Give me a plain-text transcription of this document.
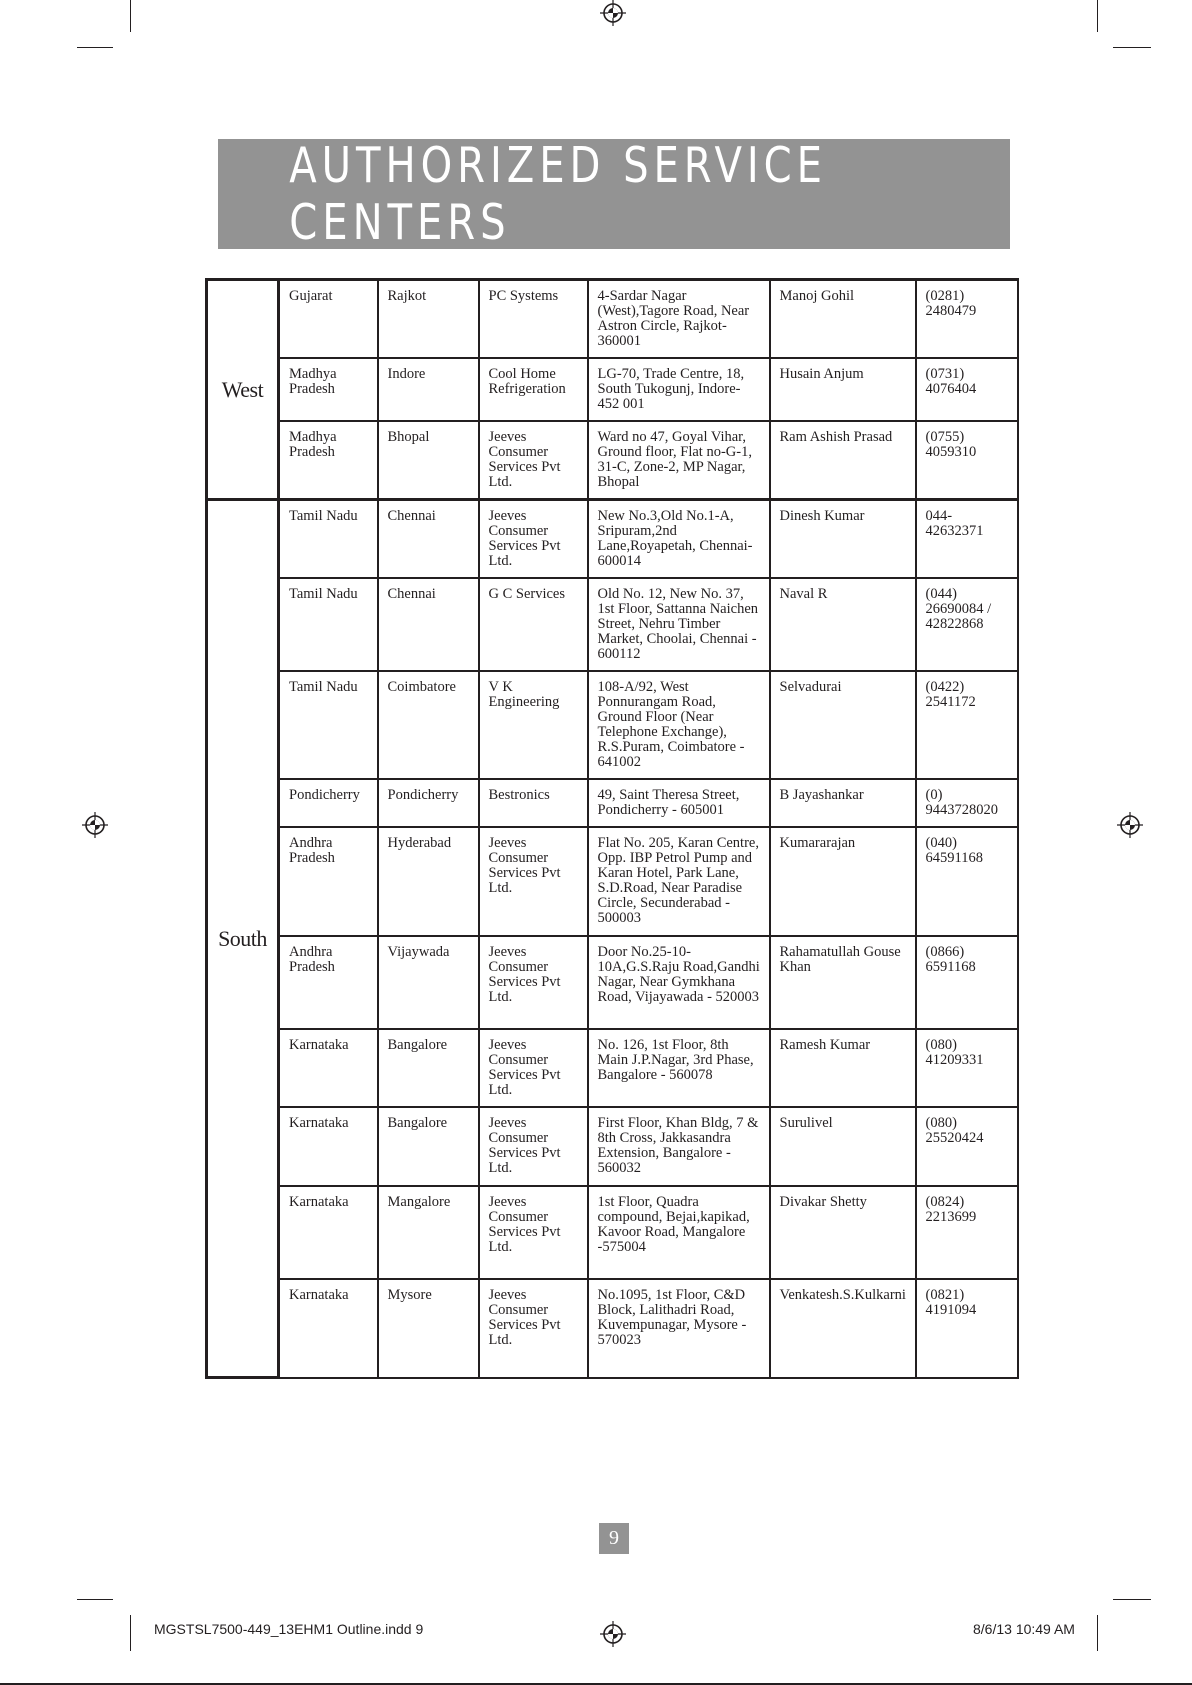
AUTHORIZED SERVICE CENTERS
West	Gujarat	Rajkot	PC Systems	4-Sardar Nagar (West),Tagore Road, Near Astron Circle, Rajkot-360001	Manoj Gohil	(0281) 2480479
	Madhya Pradesh	Indore	Cool Home Refrigeration	LG-70, Trade Centre, 18, South Tukogunj, Indore-452 001	Husain Anjum	(0731) 4076404
	Madhya Pradesh	Bhopal	Jeeves Consumer Services Pvt Ltd.	Ward no 47, Goyal Vihar, Ground floor, Flat no-G-1, 31-C, Zone-2, MP Nagar, Bhopal	Ram Ashish Prasad	(0755) 4059310
South	Tamil Nadu	Chennai	Jeeves Consumer Services Pvt Ltd.	New No.3,Old No.1-A, Sripuram,2nd Lane,Royapetah, Chennai-600014	Dinesh Kumar	044-42632371
	Tamil Nadu	Chennai	G C Services	Old No. 12, New No. 37, 1st Floor, Sattanna Naichen Street, Nehru Timber Market, Choolai, Chennai - 600112	Naval R	(044) 26690084 / 42822868
	Tamil Nadu	Coimbatore	V K Engineering	108-A/92, West Ponnurangam Road, Ground Floor (Near Telephone Exchange), R.S.Puram, Coimbatore - 641002	Selvadurai	(0422) 2541172
	Pondicherry	Pondicherry	Bestronics	49, Saint Theresa Street, Pondicherry - 605001	B Jayashankar	(0) 9443728020
	Andhra Pradesh	Hyderabad	Jeeves Consumer Services Pvt Ltd.	Flat No. 205, Karan Centre, Opp. IBP Petrol Pump and Karan Hotel, Park Lane, S.D.Road, Near Paradise Circle, Secunderabad - 500003	Kumararajan	(040) 64591168
	Andhra Pradesh	Vijaywada	Jeeves Consumer Services Pvt Ltd.	Door No.25-10-10A,G.S.Raju Road,Gandhi Nagar, Near Gymkhana Road, Vijayawada - 520003	Rahamatullah Gouse Khan	(0866) 6591168
	Karnataka	Bangalore	Jeeves Consumer Services Pvt Ltd.	No. 126, 1st Floor, 8th Main J.P.Nagar, 3rd Phase, Bangalore - 560078	Ramesh Kumar	(080) 41209331
	Karnataka	Bangalore	Jeeves Consumer Services Pvt Ltd.	First Floor, Khan Bldg, 7 & 8th Cross, Jakkasandra Extension, Bangalore - 560032	Surulivel	(080) 25520424
	Karnataka	Mangalore	Jeeves Consumer Services Pvt Ltd.	1st Floor, Quadra compound, Bejai,kapikad, Kavoor Road, Mangalore -575004	Divakar Shetty	(0824) 2213699
	Karnataka	Mysore	Jeeves Consumer Services Pvt Ltd.	No.1095, 1st Floor, C&D Block, Lalithadri Road, Kuvempunagar, Mysore - 570023	Venkatesh.S.Kulkarni	(0821) 4191094
9
MGSTSL7500-449_13EHM1 Outline.indd 9	8/6/13 10:49 AM
